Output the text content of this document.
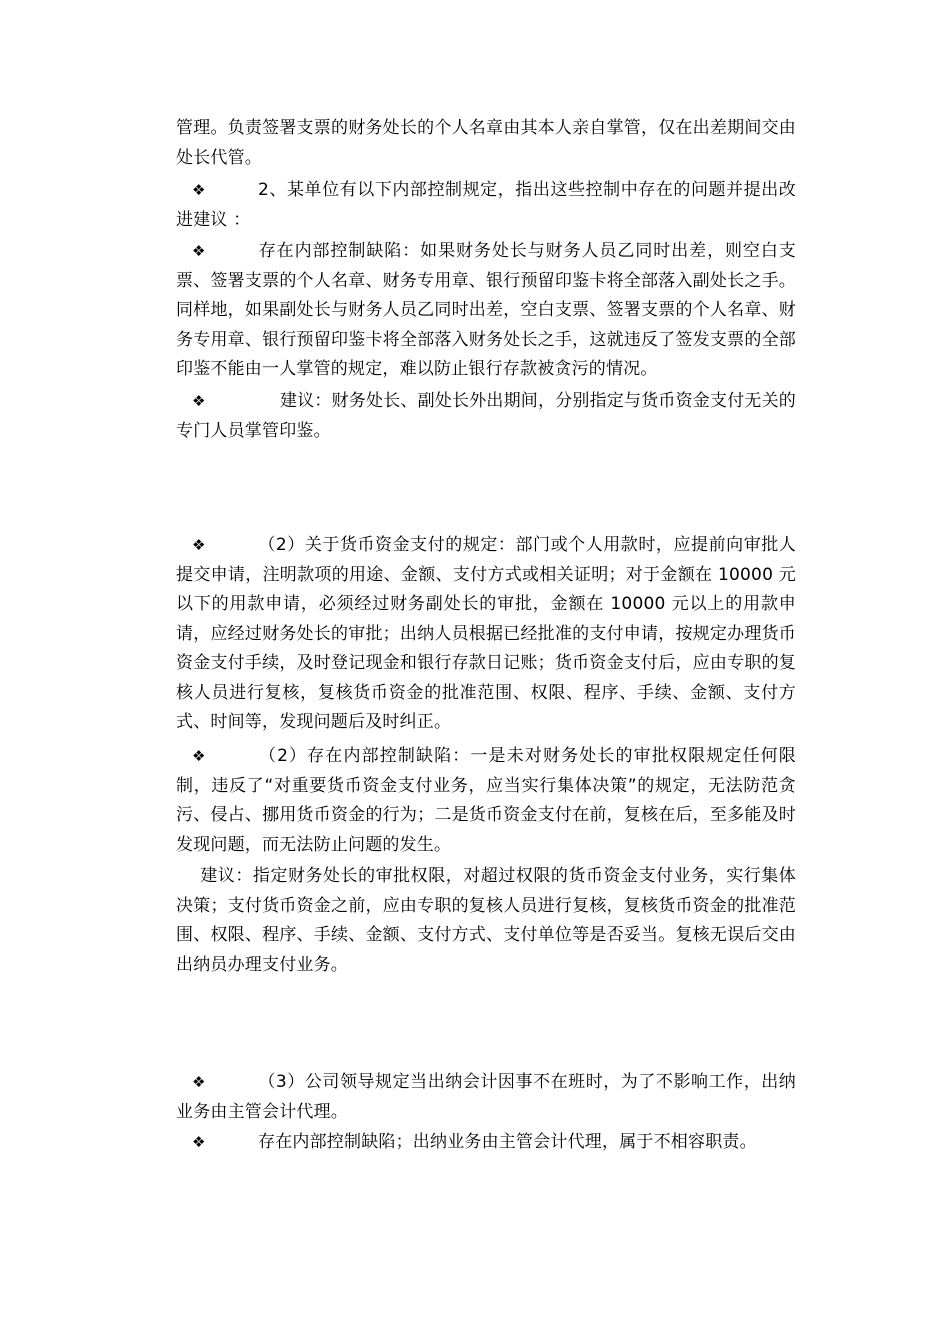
管理。负责签署支票的财务处长的个人名章由其本人亲自掌管，仅在出差期间交由处长代管。
❖	2、某单位有以下内部控制规定，指出这些控制中存在的问题并提出改进建议 ：
❖	存在内部控制缺陷：如果财务处长与财务人员乙同时出差，则空白支票、签署支票的个人名章、财务专用章、银行预留印鉴卡将全部落入副处长之手。同样地，如果副处长与财务人员乙同时出差，空白支票、签署支票的个人名章、财务专用章、银行预留印鉴卡将全部落入财务处长之手，这就违反了签发支票的全部印鉴不能由一人掌管的规定，难以防止银行存款被贪污的情况。
❖	建议：财务处长、副处长外出期间，分别指定与货币资金支付无关的专门人员掌管印鉴。
❖	（2）关于货币资金支付的规定：部门或个人用款时，应提前向审批人提交申请，注明款项的用途、金额、支付方式或相关证明；对于金额在 10000 元以下的用款申请，必须经过财务副处长的审批，金额在 10000 元以上的用款申请，应经过财务处长的审批；出纳人员根据已经批准的支付申请，按规定办理货币资金支付手续，及时登记现金和银行存款日记账；货币资金支付后，应由专职的复核人员进行复核，复核货币资金的批准范围、权限、程序、手续、金额、支付方式、时间等，发现问题后及时纠正。
❖	（2）存在内部控制缺陷：一是未对财务处长的审批权限规定任何限制，违反了“对重要货币资金支付业务，应当实行集体决策”的规定，无法防范贪污、侵占、挪用货币资金的行为；二是货币资金支付在前，复核在后，至多能及时发现问题，而无法防止问题的发生。
建议：指定财务处长的审批权限，对超过权限的货币资金支付业务，实行集体决策；支付货币资金之前，应由专职的复核人员进行复核，复核货币资金的批准范围、权限、程序、手续、金额、支付方式、支付单位等是否妥当。复核无误后交由出纳员办理支付业务。
❖	（3）公司领导规定当出纳会计因事不在班时，为了不影响工作，出纳业务由主管会计代理。
❖	存在内部控制缺陷；出纳业务由主管会计代理，属于不相容职责。
